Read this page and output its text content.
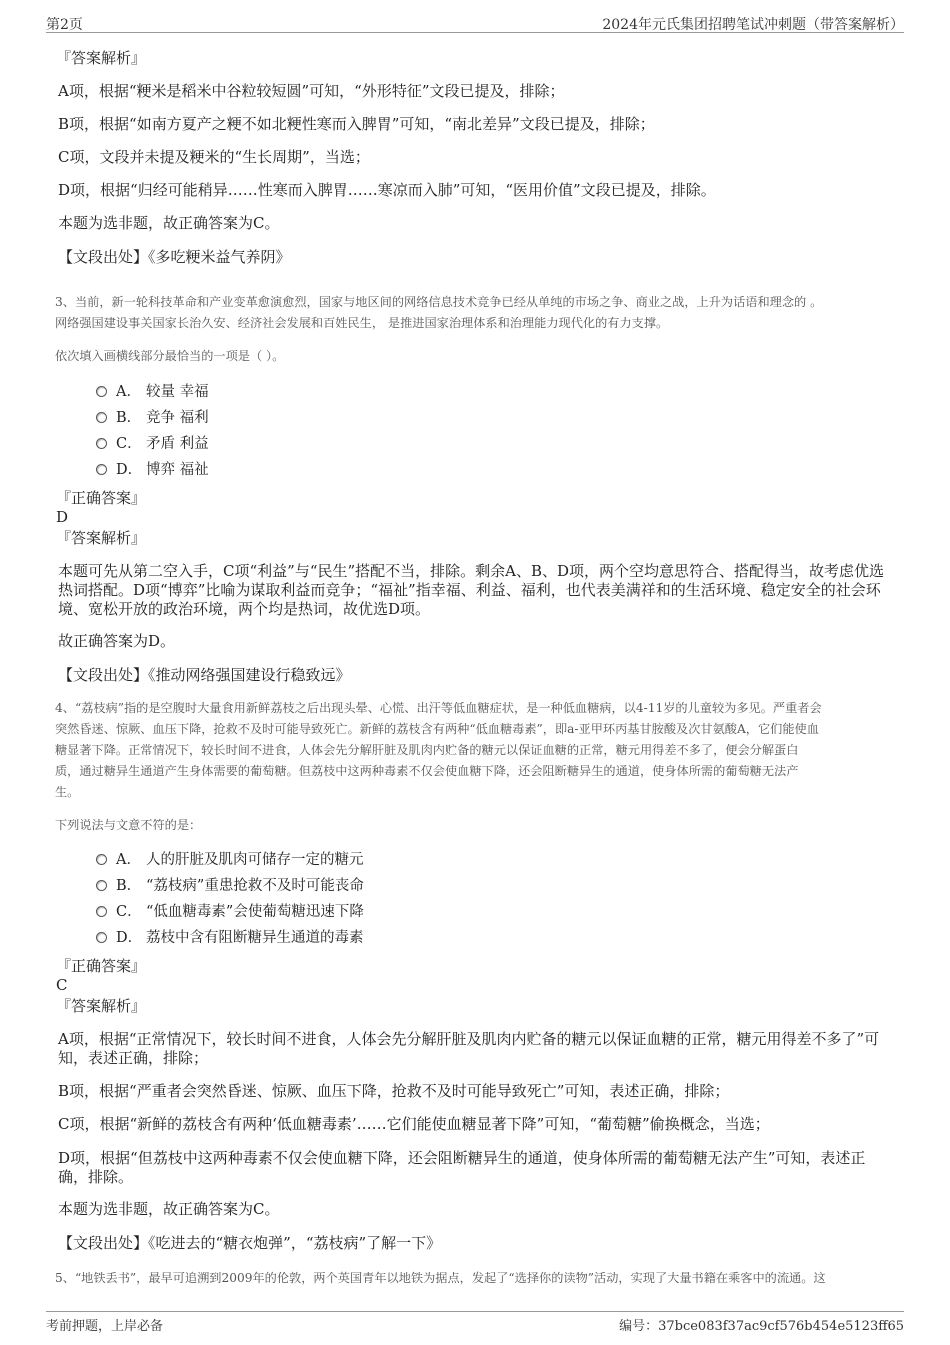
第2页	2024年元氏集团招聘笔试冲刺题（带答案解析）
『答案解析』
A项，根据“粳米是稻米中谷粒较短圆”可知，“外形特征”文段已提及，排除；
B项，根据“如南方夏产之粳不如北粳性寒而入脾胃”可知，“南北差异”文段已提及，排除；
C项，文段并未提及粳米的“生长周期”，当选；
D项，根据“归经可能稍异……性寒而入脾胃……寒凉而入肺”可知，“医用价值”文段已提及，排除。
本题为选非题，故正确答案为C。
【文段出处】《多吃粳米益气养阴》
3、当前，新一轮科技革命和产业变革愈演愈烈，国家与地区间的网络信息技术竞争已经从单纯的市场之争、商业之战，上升为话语和理念的 。
网络强国建设事关国家长治久安、经济社会发展和百姓民生， 是推进国家治理体系和治理能力现代化的有力支撑。
依次填入画横线部分最恰当的一项是（ ）。
A． 较量 幸福
B． 竞争 福利
C． 矛盾 利益
D． 博弈 福祉
『正确答案』
D
『答案解析』
本题可先从第二空入手，C项“利益”与“民生”搭配不当，排除。剩余A、B、D项，两个空均意思符合、搭配得当，故考虑优选
热词搭配。D项“博弈”比喻为谋取利益而竞争；“福祉”指幸福、利益、福利，也代表美满祥和的生活环境、稳定安全的社会环
境、宽松开放的政治环境，两个均是热词，故优选D项。
故正确答案为D。
【文段出处】《推动网络强国建设行稳致远》
4、“荔枝病”指的是空腹时大量食用新鲜荔枝之后出现头晕、心慌、出汗等低血糖症状，是一种低血糖病，以4-11岁的儿童较为多见。严重者会
突然昏迷、惊厥、血压下降，抢救不及时可能导致死亡。新鲜的荔枝含有两种“低血糖毒素”，即a-亚甲环丙基甘胺酸及次甘氨酸A，它们能使血
糖显著下降。正常情况下，较长时间不进食，人体会先分解肝脏及肌肉内贮备的糖元以保证血糖的正常，糖元用得差不多了，便会分解蛋白
质，通过糖异生通道产生身体需要的葡萄糖。但荔枝中这两种毒素不仅会使血糖下降，还会阻断糖异生的通道，使身体所需的葡萄糖无法产
生。
下列说法与文意不符的是：
A． 人的肝脏及肌肉可储存一定的糖元
B． “荔枝病”重患抢救不及时可能丧命
C． “低血糖毒素”会使葡萄糖迅速下降
D． 荔枝中含有阻断糖异生通道的毒素
『正确答案』
C
『答案解析』
A项，根据“正常情况下，较长时间不进食，人体会先分解肝脏及肌肉内贮备的糖元以保证血糖的正常，糖元用得差不多了”可
知，表述正确，排除；
B项，根据“严重者会突然昏迷、惊厥、血压下降，抢救不及时可能导致死亡”可知，表述正确，排除；
C项，根据“新鲜的荔枝含有两种‘低血糖毒素’……它们能使血糖显著下降”可知，“葡萄糖”偷换概念，当选；
D项，根据“但荔枝中这两种毒素不仅会使血糖下降，还会阻断糖异生的通道，使身体所需的葡萄糖无法产生”可知，表述正
确，排除。
本题为选非题，故正确答案为C。
【文段出处】《吃进去的“糖衣炮弹”，“荔枝病”了解一下》
5、“地铁丢书”，最早可追溯到2009年的伦敦，两个英国青年以地铁为据点，发起了“选择你的读物”活动，实现了大量书籍在乘客中的流通。这
考前押题，上岸必备	编号：37bce083f37ac9cf576b454e5123ff65
